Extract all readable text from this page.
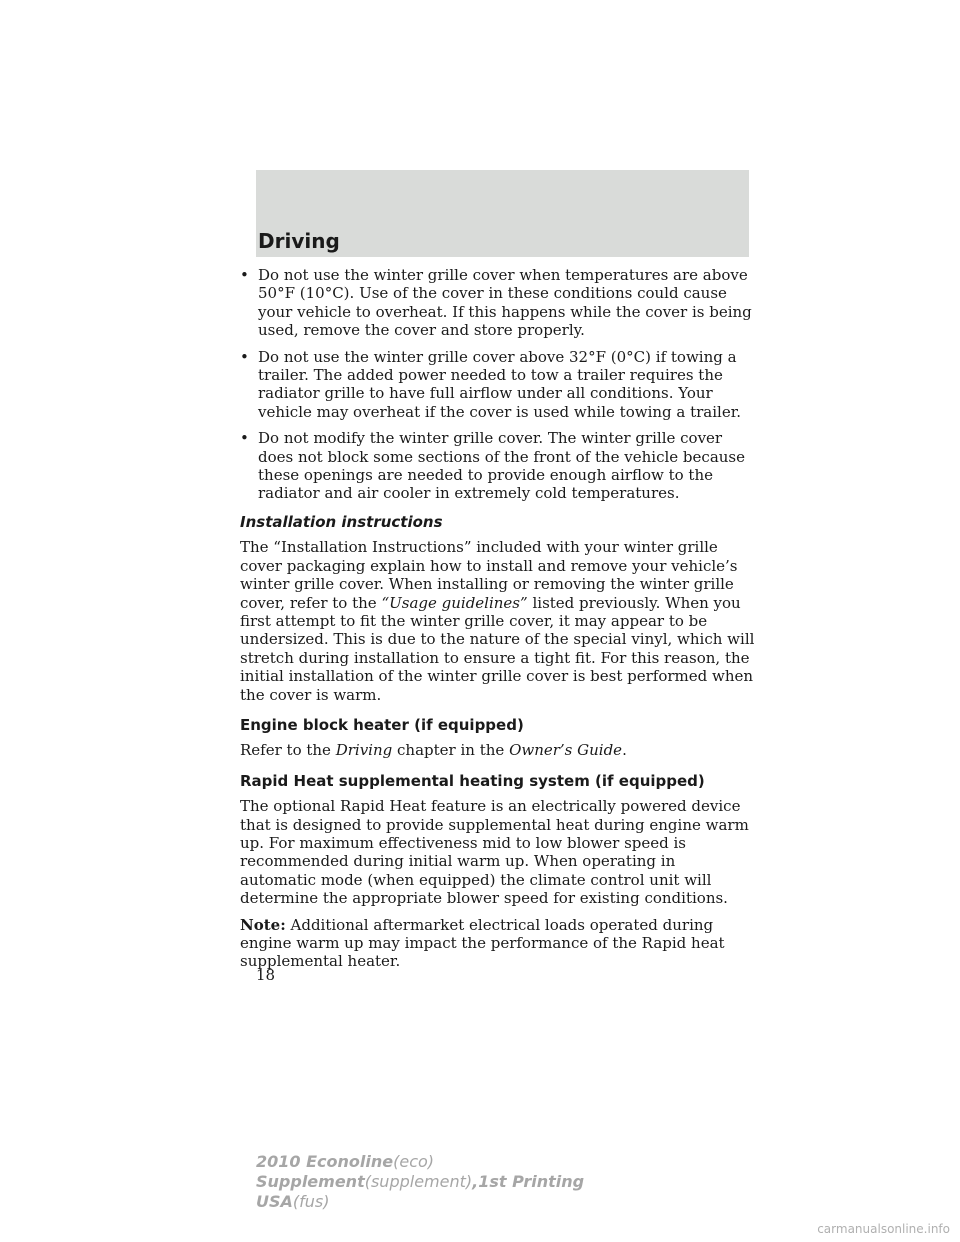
Driving
• Do not use the winter grille cover when temperatures are above 50°F (10°C). Use of the cover in these conditions could cause your vehicle to overheat. If this happens while the cover is being used, remove the cover and store properly.
• Do not use the winter grille cover above 32°F (0°C) if towing a trailer. The added power needed to tow a trailer requires the radiator grille to have full airflow under all conditions. Your vehicle may overheat if the cover is used while towing a trailer.
• Do not modify the winter grille cover. The winter grille cover does not block some sections of the front of the vehicle because these openings are needed to provide enough airflow to the radiator and air cooler in extremely cold temperatures.
Installation instructions

The “Installation Instructions” included with your winter grille cover packaging explain how to install and remove your vehicle’s winter grille cover. When installing or removing the winter grille cover, refer to the “Usage guidelines” listed previously. When you first attempt to fit the winter grille cover, it may appear to be undersized. This is due to the nature of the special vinyl, which will stretch during installation to ensure a tight fit. For this reason, the initial installation of the winter grille cover is best performed when the cover is warm.

Engine block heater (if equipped)

Refer to the Driving chapter in the Owner’s Guide.

Rapid Heat supplemental heating system (if equipped)

The optional Rapid Heat feature is an electrically powered device that is designed to provide supplemental heat during engine warm up. For maximum effectiveness mid to low blower speed is recommended during initial warm up. When operating in automatic mode (when equipped) the climate control unit will determine the appropriate blower speed for existing conditions.

Note: Additional aftermarket electrical loads operated during engine warm up may impact the performance of the Rapid heat supplemental heater.

18
2010 Econoline(eco)
Supplement(supplement),1st Printing
USA(fus)
carmanualsonline.info
